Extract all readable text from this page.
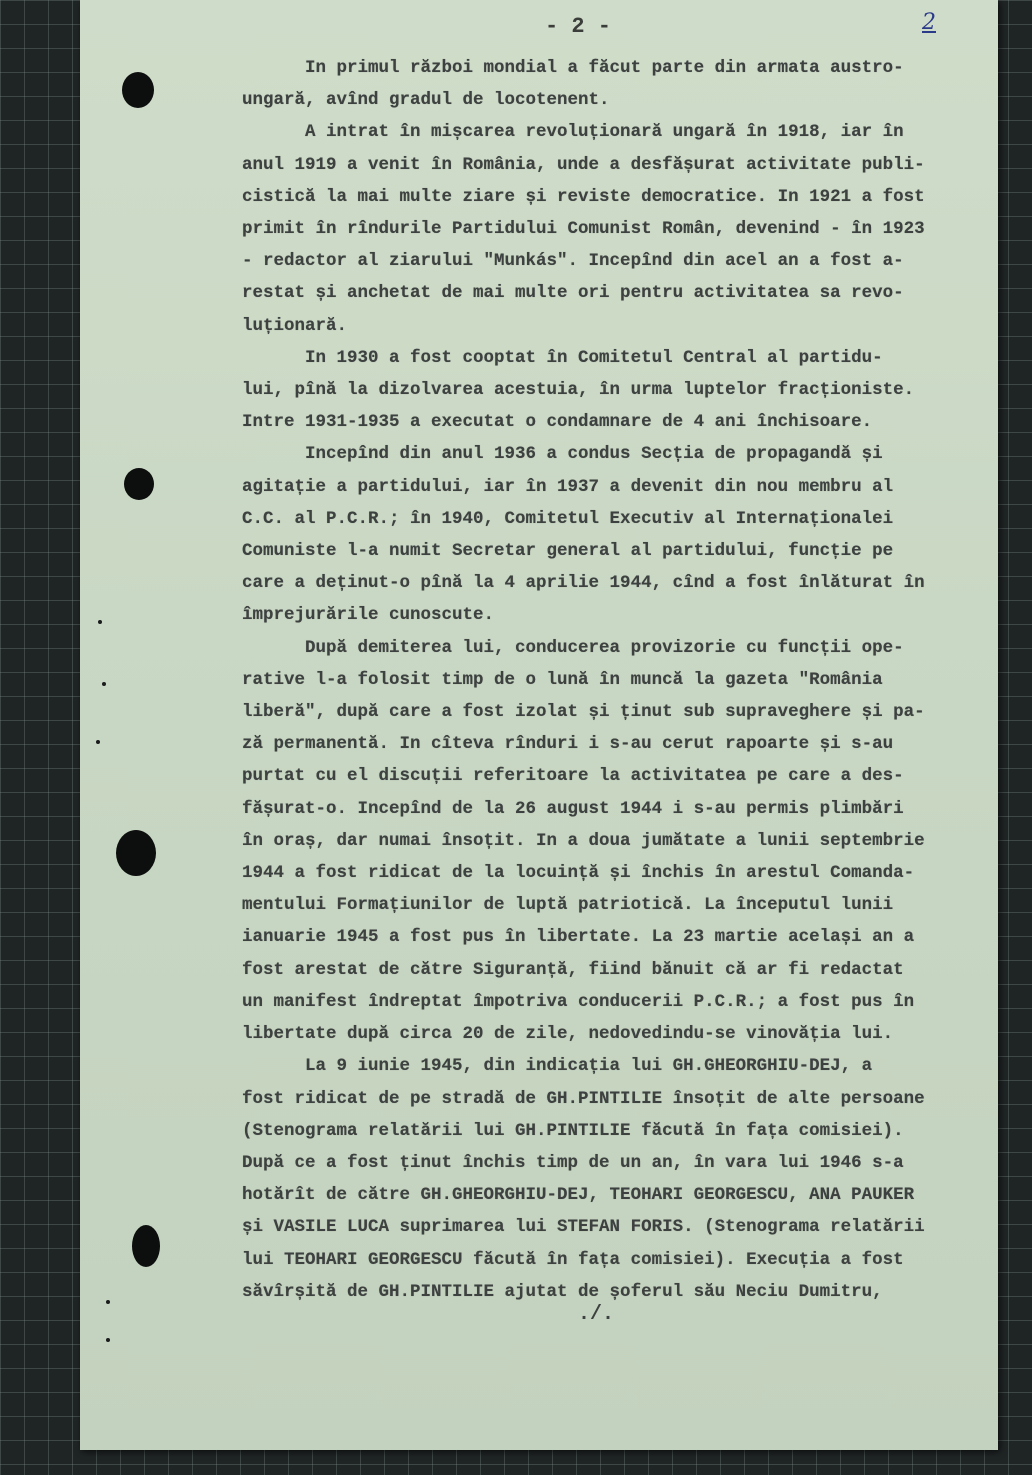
- 2 -	2

In primul război mondial a făcut parte din armata austro-

ungară, avînd gradul de locotenent.

A intrat în mișcarea revoluționară ungară în 1918, iar în

anul 1919 a venit în România, unde a desfășurat activitate publi-

cistică la mai multe ziare și reviste democratice. In 1921 a fost

primit în rîndurile Partidului Comunist Român, devenind - în 1923

- redactor al ziarului "Munkás". Incepînd din acel an a fost a-

restat și anchetat de mai multe ori pentru activitatea sa revo-

luționară.

In 1930 a fost cooptat în Comitetul Central al partidu-

lui, pînă la dizolvarea acestuia, în urma luptelor fracționiste.

Intre 1931-1935 a executat o condamnare de 4 ani închisoare.

Incepînd din anul 1936 a condus Secția de propagandă și

agitație a partidului, iar în 1937 a devenit din nou membru al

C.C. al P.C.R.; în 1940, Comitetul Executiv al Internaționalei

Comuniste l-a numit Secretar general al partidului, funcție pe

care a deținut-o pînă la 4 aprilie 1944, cînd a fost înlăturat în

împrejurările cunoscute.

După demiterea lui, conducerea provizorie cu funcții ope-

rative l-a folosit timp de o lună în muncă la gazeta "România

liberă", după care a fost izolat și ținut sub supraveghere și pa-

ză permanentă. In cîteva rînduri i s-au cerut rapoarte și s-au

purtat cu el discuții referitoare la activitatea pe care a des-

fășurat-o. Incepînd de la 26 august 1944 i s-au permis plimbări

în oraș, dar numai însoțit. In a doua jumătate a lunii septembrie

1944 a fost ridicat de la locuință și închis în arestul Comanda-

mentului Formațiunilor de luptă patriotică. La începutul lunii

ianuarie 1945 a fost pus în libertate. La 23 martie același an a

fost arestat de către Siguranță, fiind bănuit că ar fi redactat

un manifest îndreptat împotriva conducerii P.C.R.; a fost pus în

libertate după circa 20 de zile, nedovedindu-se vinovăția lui.

La 9 iunie 1945, din indicația lui GH.GHEORGHIU-DEJ, a

fost ridicat de pe stradă de GH.PINTILIE însoțit de alte persoane

(Stenograma relatării lui GH.PINTILIE făcută în fața comisiei).

După ce a fost ținut închis timp de un an, în vara lui 1946 s-a

hotărît de către GH.GHEORGHIU-DEJ, TEOHARI GEORGESCU, ANA PAUKER

și VASILE LUCA suprimarea lui STEFAN FORIS. (Stenograma relatării

lui TEOHARI GEORGESCU făcută în fața comisiei). Execuția a fost

săvîrșită de GH.PINTILIE ajutat de șoferul său Neciu Dumitru,

./.
